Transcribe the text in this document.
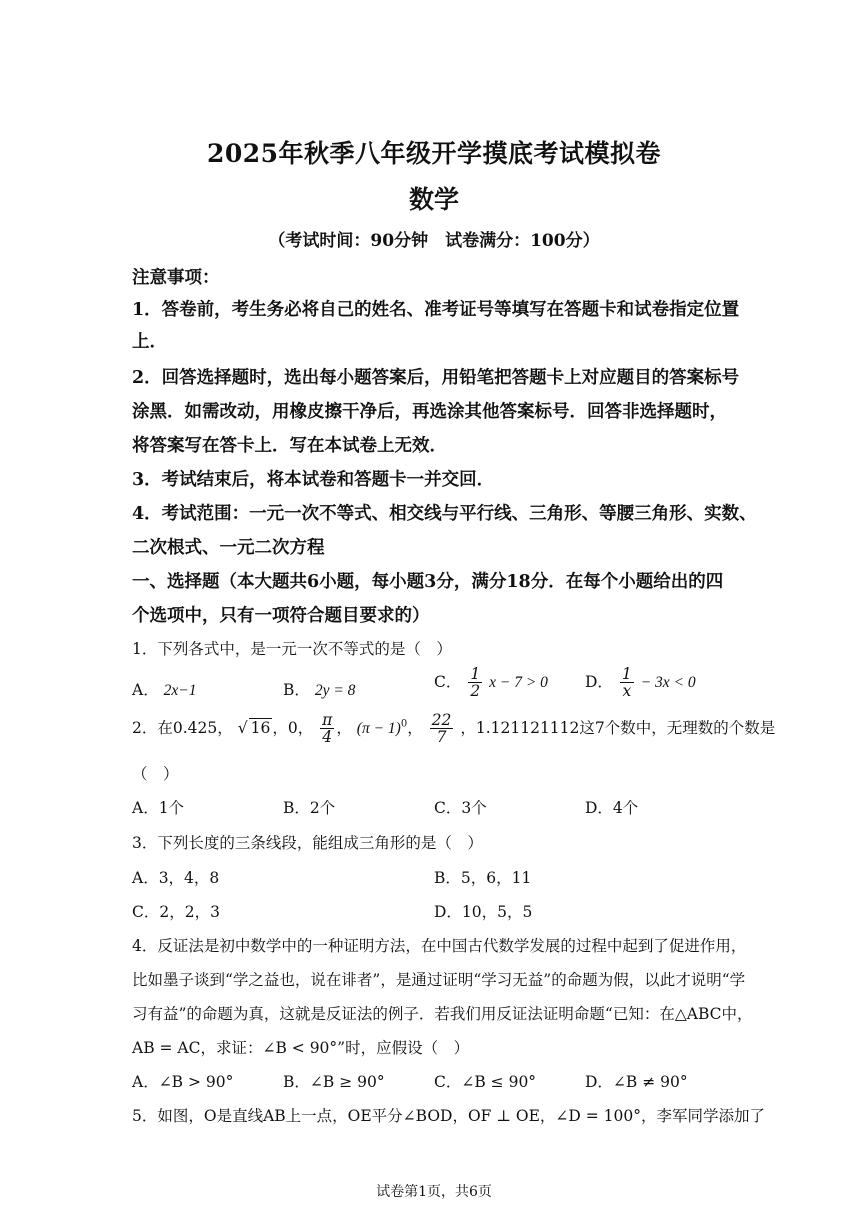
2025年秋季八年级开学摸底考试模拟卷
数学
（考试时间：90分钟　试卷满分：100分）
注意事项：
1．答卷前，考生务必将自己的姓名、准考证号等填写在答题卡和试卷指定位置
上．
2．回答选择题时，选出每小题答案后，用铅笔把答题卡上对应题目的答案标号
涂黑．如需改动，用橡皮擦干净后，再选涂其他答案标号．回答非选择题时，
将答案写在答卡上．写在本试卷上无效．
3．考试结束后，将本试卷和答题卡一并交回．
4．考试范围：一元一次不等式、相交线与平行线、三角形、等腰三角形、实数、
二次根式、一元二次方程
一、选择题（本大题共6小题，每小题3分，满分18分．在每个小题给出的四
个选项中，只有一项符合题目要求的）
1．下列各式中，是一元一次不等式的是（　）
A． 2x−1	B． 2y = 8	C． $\frac{1}{2}$ x − 7 > 0 D． $\frac{1}{x} - 3x < 0$
2．在0.425， √ 16 ，0， $\frac{\pi}{4}$ ， $(\pi - 1)^0$， $\frac{22}{7}$ ，1.121121112这7个数中，无理数的个数是
（　）
A．1个	B．2个	C．3个	D．4个
3．下列长度的三条线段，能组成三角形的是（　）
A．3，4，8	B．5，6，11
C．2，2，3	D．10，5，5
4．反证法是初中数学中的一种证明方法，在中国古代数学发展的过程中起到了促进作用，
比如墨子谈到“学之益也，说在诽者”，是通过证明“学习无益”的命题为假，以此才说明“学
习有益”的命题为真，这就是反证法的例子．若我们用反证法证明命题“已知：在△ABC中，
AB = AC，求证：∠B < 90°”时，应假设（　）
A．∠B > 90°	B．∠B ≥ 90°	C．∠B ≤ 90°	D．∠B ≠ 90°
5．如图，O是直线AB上一点，OE平分∠BOD，OF ⊥ OE，∠D = 100°，李军同学添加了
试卷第1页，共6页
